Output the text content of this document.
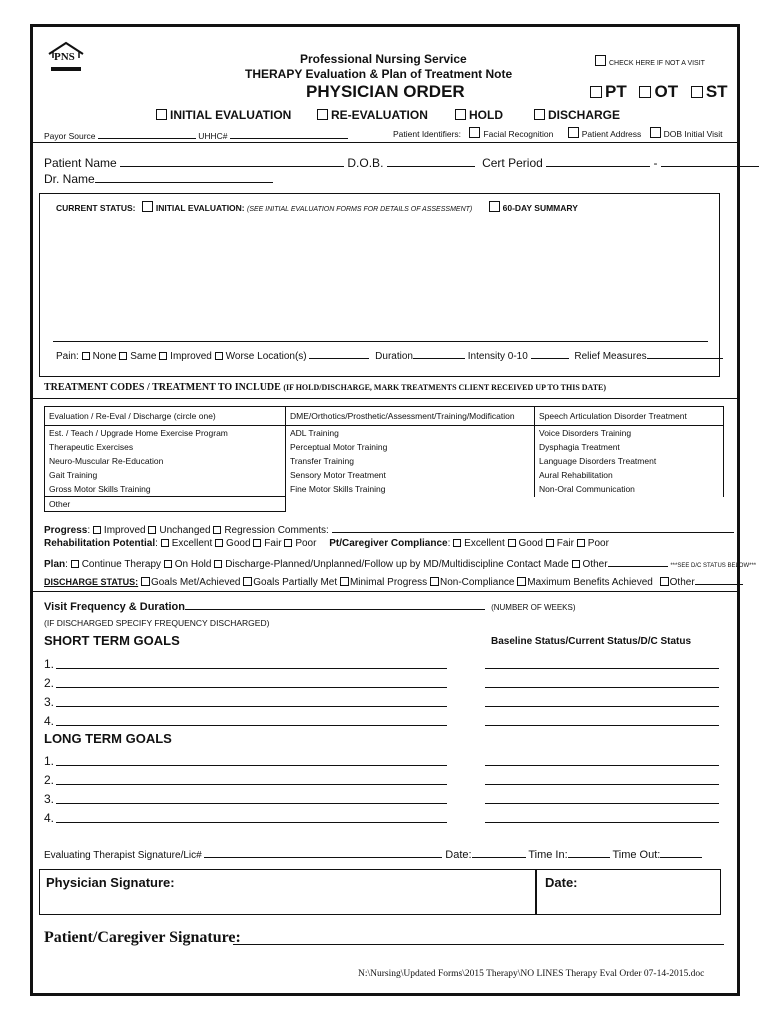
PNS	Professional Nursing Service
THERAPY Evaluation & Plan of Treatment Note
PHYSICIAN ORDER
CHECK HERE IF NOT A VISIT
PT OT ST
INITIAL EVALUATION	RE-EVALUATION	HOLD	DISCHARGE
Payor Source	UHHC#	Patient Identifiers:	Facial Recognition	Patient Address	DOB Initial Visit
Patient Name	D.O.B.	Cert Period	-
Dr. Name
CURRENT STATUS: INITIAL EVALUATION: (SEE INITIAL EVALUATION FORMS FOR DETAILS OF ASSESSMENT)	60-DAY SUMMARY
Pain: None Same Improved Worse Location(s)	Duration	Intensity 0-10	Relief Measures
TREATMENT CODES / TREATMENT TO INCLUDE (IF HOLD/DISCHARGE, MARK TREATMENTS CLIENT RECEIVED UP TO THIS DATE)
Evaluation / Re-Eval / Discharge (circle one)	DME/Orthotics/Prosthetic/Assessment/Training/Modification	Speech Articulation Disorder Treatment
Est. / Teach / Upgrade Home Exercise Program	ADL Training	Voice Disorders Training
Therapeutic Exercises	Perceptual Motor Training	Dysphagia Treatment
Neuro-Muscular Re-Education	Transfer Training	Language Disorders Treatment
Gait Training	Sensory Motor Treatment	Aural Rehabilitation
Gross Motor Skills Training	Fine Motor Skills Training	Non-Oral Communication
Other		
Progress: Improved Unchanged Regression Comments:
Rehabilitation Potential: Excellent Good Fair Poor Pt/Caregiver Compliance: Excellent Good Fair Poor
Plan: Continue Therapy On Hold Discharge-Planned/Unplanned/Follow up by MD/Multidiscipline Contact Made Other	***SEE D/C STATUS BELOW***
DISCHARGE STATUS: Goals Met/Achieved Goals Partially Met Minimal Progress Non-Compliance Maximum Benefits Achieved Other
Visit Frequency & Duration	(NUMBER OF WEEKS)
(IF DISCHARGED SPECIFY FREQUENCY DISCHARGED)
SHORT TERM GOALS	Baseline Status/Current Status/D/C Status
1.
2.
3.
4.
LONG TERM GOALS
1.
2.
3.
4.
Evaluating Therapist Signature/Lic#	Date:	Time In:	Time Out:
Physician Signature:	Date:
Patient/Caregiver Signature:
N:\Nursing\Updated Forms\2015 Therapy\NO LINES Therapy Eval Order 07-14-2015.doc
